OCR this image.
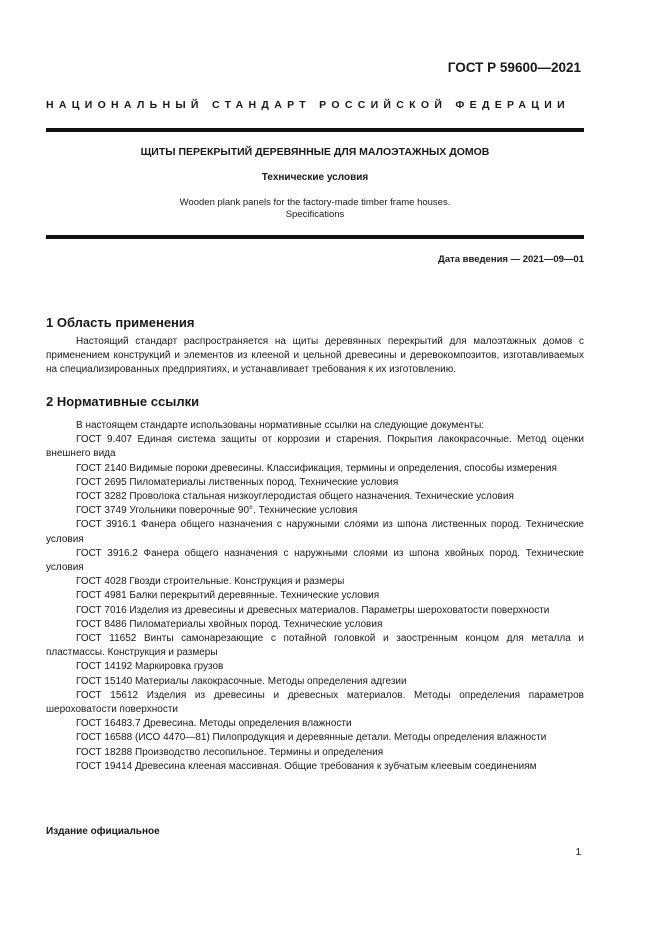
ГОСТ Р 59600—2021
НАЦИОНАЛЬНЫЙ СТАНДАРТ РОССИЙСКОЙ ФЕДЕРАЦИИ
ЩИТЫ ПЕРЕКРЫТИЙ ДЕРЕВЯННЫЕ ДЛЯ МАЛОЭТАЖНЫХ ДОМОВ
Технические условия
Wooden plank panels for the factory-made timber frame houses.
Specifications
Дата введения — 2021—09—01
1 Область применения

Настоящий стандарт распространяется на щиты деревянных перекрытий для малоэтажных домов с применением конструкций и элементов из клееной и цельной древесины и деревокомпозитов, изготавливаемых на специализированных предприятиях, и устанавливает требования к их изготовлению.

2 Нормативные ссылки

В настоящем стандарте использованы нормативные ссылки на следующие документы:

ГОСТ 9.407 Единая система защиты от коррозии и старения. Покрытия лакокрасочные. Метод оценки внешнего вида

ГОСТ 2140 Видимые пороки древесины. Классификация, термины и определения, способы измерения

ГОСТ 2695 Пиломатериалы лиственных пород. Технические условия

ГОСТ 3282 Проволока стальная низкоуглеродистая общего назначения. Технические условия

ГОСТ 3749 Угольники поверочные 90°. Технические условия

ГОСТ 3916.1 Фанера общего назначения с наружными слоями из шпона лиственных пород. Технические условия

ГОСТ 3916.2 Фанера общего назначения с наружными слоями из шпона хвойных пород. Технические условия

ГОСТ 4028 Гвозди строительные. Конструкция и размеры

ГОСТ 4981 Балки перекрытий деревянные. Технические условия

ГОСТ 7016 Изделия из древесины и древесных материалов. Параметры шероховатости поверхности

ГОСТ 8486 Пиломатериалы хвойных пород. Технические условия

ГОСТ 11652 Винты самонарезающие с потайной головкой и заостренным концом для металла и пластмассы. Конструкция и размеры

ГОСТ 14192 Маркировка грузов

ГОСТ 15140 Материалы лакокрасочные. Методы определения адгезии

ГОСТ 15612 Изделия из древесины и древесных материалов. Методы определения параметров шероховатости поверхности

ГОСТ 16483.7 Древесина. Методы определения влажности

ГОСТ 16588 (ИСО 4470—81) Пилопродукция и деревянные детали. Методы определения влажности

ГОСТ 18288 Производство лесопильное. Термины и определения

ГОСТ 19414 Древесина клееная массивная. Общие требования к зубчатым клеевым соединениям

Издание официальное
1
